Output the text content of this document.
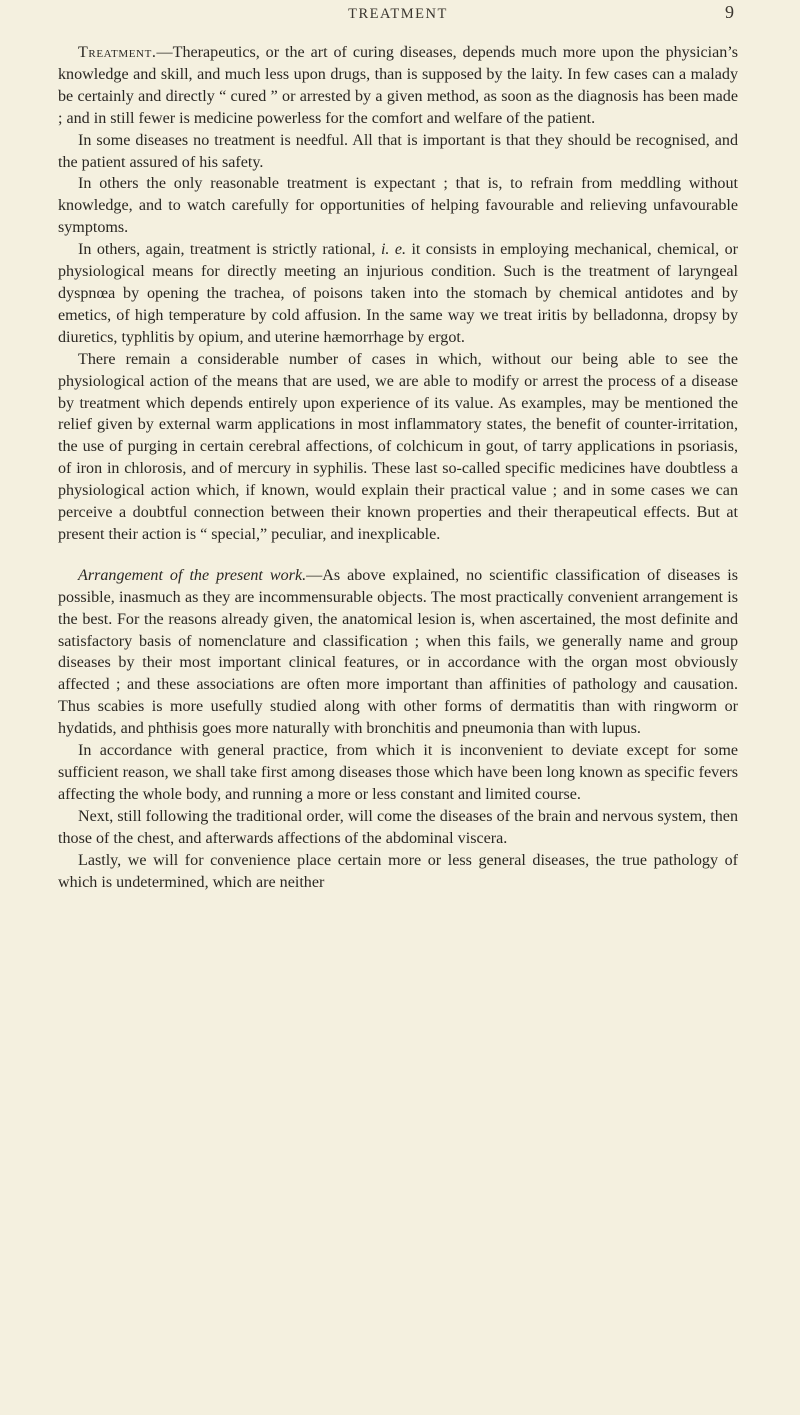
TREATMENT	9

Treatment.—Therapeutics, or the art of curing diseases, depends much more upon the physician’s knowledge and skill, and much less upon drugs, than is supposed by the laity. In few cases can a malady be certainly and directly “ cured ” or arrested by a given method, as soon as the diagnosis has been made ; and in still fewer is medicine powerless for the comfort and welfare of the patient.

In some diseases no treatment is needful. All that is important is that they should be recognised, and the patient assured of his safety.

In others the only reasonable treatment is expectant ; that is, to refrain from meddling without knowledge, and to watch carefully for opportunities of helping favourable and relieving unfavourable symptoms.

In others, again, treatment is strictly rational, i. e. it consists in employing mechanical, chemical, or physiological means for directly meeting an injurious condition. Such is the treatment of laryngeal dyspnœa by opening the trachea, of poisons taken into the stomach by chemical antidotes and by emetics, of high temperature by cold affusion. In the same way we treat iritis by belladonna, dropsy by diuretics, typhlitis by opium, and uterine hæmorrhage by ergot.

There remain a considerable number of cases in which, without our being able to see the physiological action of the means that are used, we are able to modify or arrest the process of a disease by treatment which depends entirely upon experience of its value. As examples, may be mentioned the relief given by external warm applications in most inflammatory states, the benefit of counter-irritation, the use of purging in certain cerebral affections, of colchicum in gout, of tarry applications in psoriasis, of iron in chlorosis, and of mercury in syphilis. These last so-called specific medicines have doubtless a physiological action which, if known, would explain their practical value ; and in some cases we can perceive a doubtful connection between their known properties and their therapeutical effects. But at present their action is “ special,” peculiar, and inexplicable.

Arrangement of the present work.—As above explained, no scientific classification of diseases is possible, inasmuch as they are incommensurable objects. The most practically convenient arrangement is the best. For the reasons already given, the anatomical lesion is, when ascertained, the most definite and satisfactory basis of nomenclature and classification ; when this fails, we generally name and group diseases by their most important clinical features, or in accordance with the organ most obviously affected ; and these associations are often more important than affinities of pathology and causation. Thus scabies is more usefully studied along with other forms of dermatitis than with ringworm or hydatids, and phthisis goes more naturally with bronchitis and pneumonia than with lupus.

In accordance with general practice, from which it is inconvenient to deviate except for some sufficient reason, we shall take first among diseases those which have been long known as specific fevers affecting the whole body, and running a more or less constant and limited course.

Next, still following the traditional order, will come the diseases of the brain and nervous system, then those of the chest, and afterwards affections of the abdominal viscera.

Lastly, we will for convenience place certain more or less general diseases, the true pathology of which is undetermined, which are neither
